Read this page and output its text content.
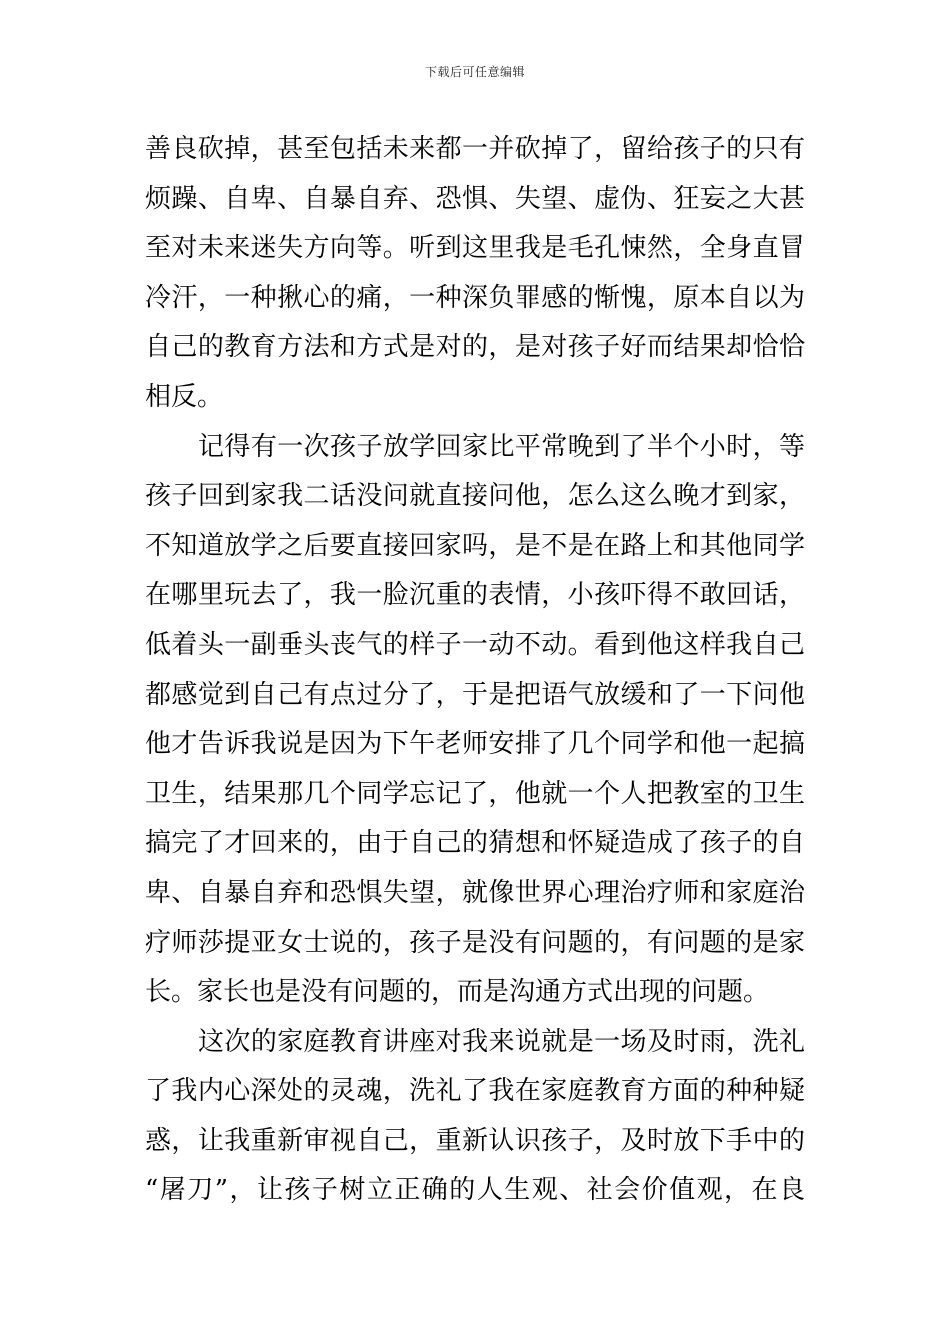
下载后可任意编辑
善良砍掉，甚至包括未来都一并砍掉了，留给孩子的只有
烦躁、自卑、自暴自弃、恐惧、失望、虚伪、狂妄之大甚
至对未来迷失方向等。听到这里我是毛孔悚然，全身直冒
冷汗，一种揪心的痛，一种深负罪感的惭愧，原本自以为
自己的教育方法和方式是对的，是对孩子好而结果却恰恰
相反。
记得有一次孩子放学回家比平常晚到了半个小时，等
孩子回到家我二话没问就直接问他，怎么这么晚才到家，
不知道放学之后要直接回家吗，是不是在路上和其他同学
在哪里玩去了，我一脸沉重的表情，小孩吓得不敢回话，
低着头一副垂头丧气的样子一动不动。看到他这样我自己
都感觉到自己有点过分了，于是把语气放缓和了一下问他
他才告诉我说是因为下午老师安排了几个同学和他一起搞
卫生，结果那几个同学忘记了，他就一个人把教室的卫生
搞完了才回来的，由于自己的猜想和怀疑造成了孩子的自
卑、自暴自弃和恐惧失望，就像世界心理治疗师和家庭治
疗师莎提亚女士说的，孩子是没有问题的，有问题的是家
长。家长也是没有问题的，而是沟通方式出现的问题。
这次的家庭教育讲座对我来说就是一场及时雨，洗礼
了我内心深处的灵魂，洗礼了我在家庭教育方面的种种疑
惑，让我重新审视自己，重新认识孩子，及时放下手中的
“屠刀”，让孩子树立正确的人生观、社会价值观，在良
